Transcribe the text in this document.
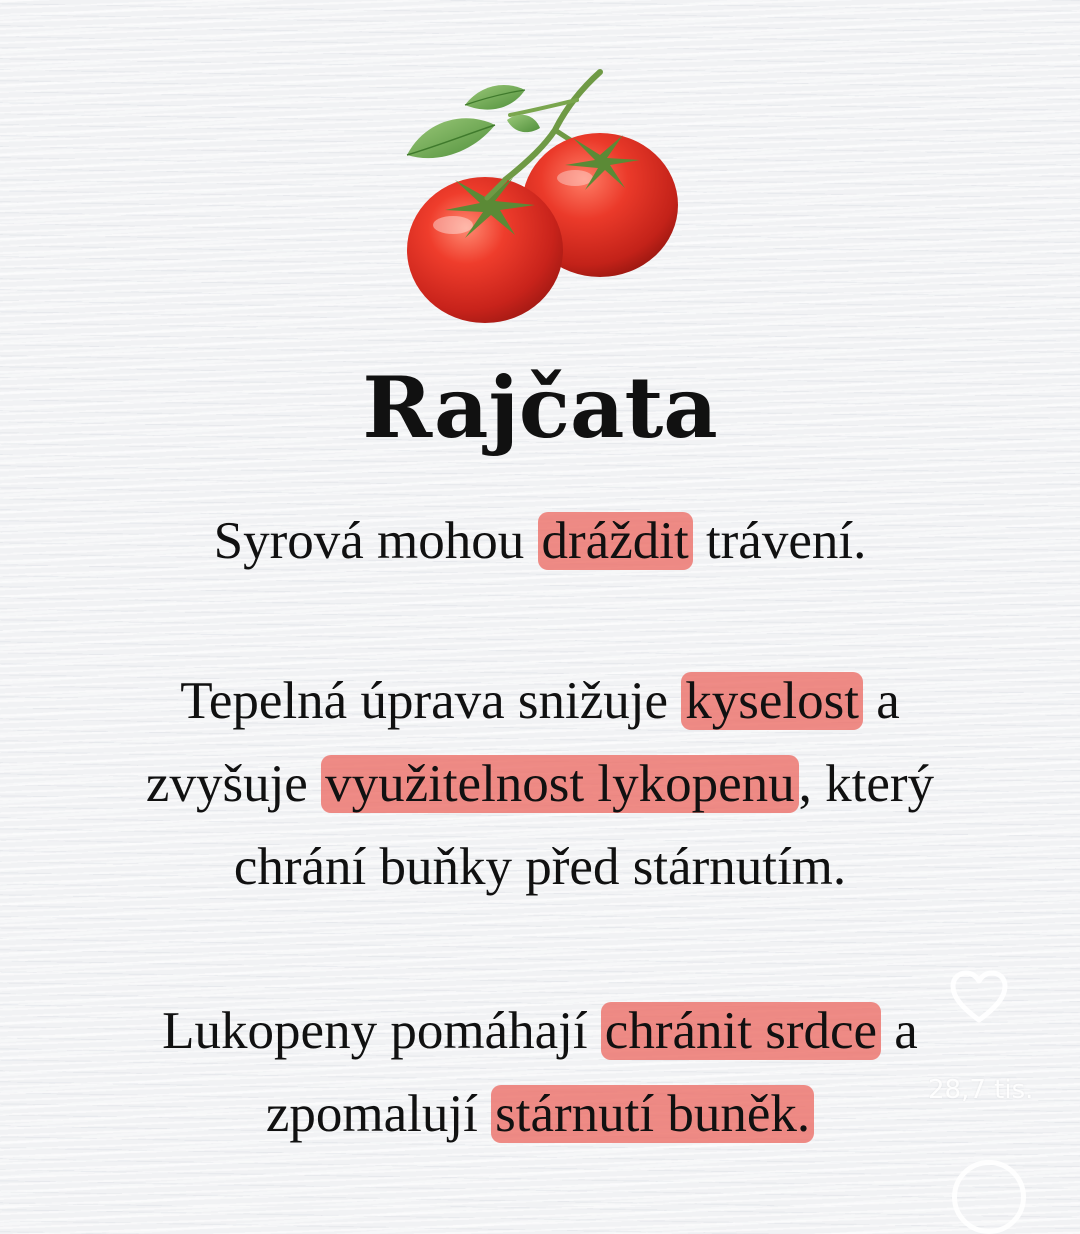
Rajčata
Syrová mohou dráždit trávení.
Tepelná úprava snižuje kyselost a
zvyšuje využitelnost lykopenu, který
chrání buňky před stárnutím.
Lukopeny pomáhají chránit srdce a
zpomalují stárnutí buněk.	28,7 tis.
